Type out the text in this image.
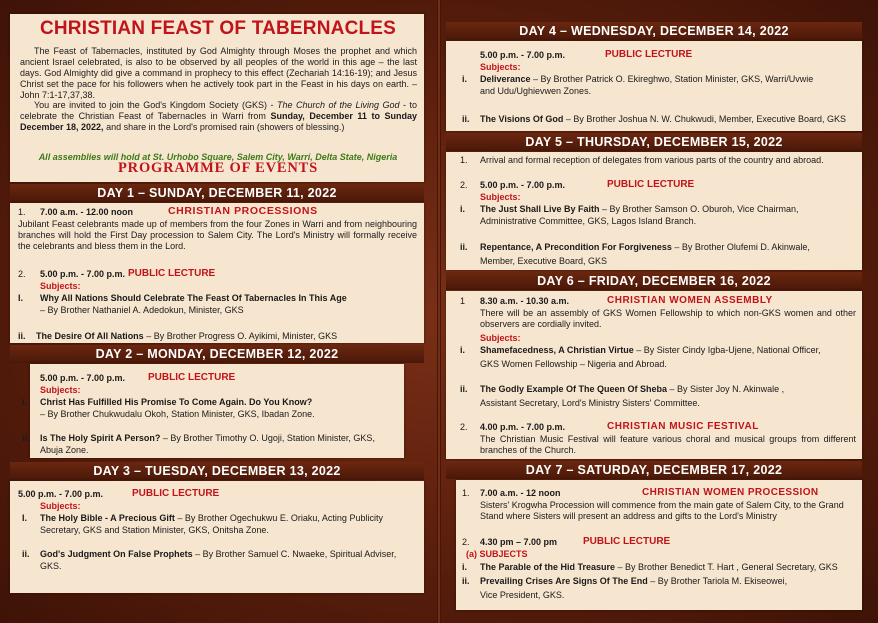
CHRISTIAN FEAST OF TABERNACLES
The Feast of Tabernacles, instituted by God Almighty through Moses the prophet and which ancient Israel celebrated, is also to be observed by all peoples of the world in this age – the last days. God Almighty did give a command in prophecy to this effect (Zechariah 14:16-19); and Jesus Christ set the pace for his followers when he actively took part in the Feast in his days on earth. – John 7:1-17,37,38.
You are invited to join the God's Kingdom Society (GKS) - The Church of the Living God - to celebrate the Christian Feast of Tabernacles in Warri from Sunday, December 11 to Sunday December 18, 2022, and share in the Lord's promised rain (showers of blessing.)
All assemblies will hold at St. Urhobo Square, Salem City, Warri, Delta State, Nigeria
PROGRAMME OF EVENTS
DAY 1 – SUNDAY, DECEMBER 11, 2022
1. 7.00 a.m. - 12.00 noon	CHRISTIAN PROCESSIONS
Jubilant Feast celebrants made up of members from the four Zones in Warri and from neighbouring branches will hold the First Day procession to Salem City. The Lord's Ministry will formally receive the celebrants and bless them in the Lord.
2. 5.00 p.m. - 7.00 p.m. PUBLIC LECTURE
Subjects:
I. Why All Nations Should Celebrate The Feast Of Tabernacles In This Age
– By Brother Nathaniel A. Adedokun, Minister, GKS
ii. The Desire Of All Nations – By Brother Progress O. Ayikimi, Minister, GKS
DAY 2 – MONDAY, DECEMBER 12, 2022
5.00 p.m. - 7.00 p.m. PUBLIC LECTURE
Subjects:
i. Christ Has Fulfilled His Promise To Come Again. Do You Know?
– By Brother Chukwudalu Okoh, Station Minister, GKS, Ibadan Zone.
ii. Is The Holy Spirit A Person? – By Brother Timothy O. Ugoji, Station Minister, GKS,
Abuja Zone.
DAY 3 – TUESDAY, DECEMBER 13, 2022
5.00 p.m. - 7.00 p.m.	PUBLIC LECTURE
Subjects:
I. The Holy Bible - A Precious Gift – By Brother Ogechukwu E. Oriaku, Acting Publicity
Secretary, GKS and Station Minister, GKS, Onitsha Zone.
ii. God's Judgment On False Prophets – By Brother Samuel C. Nwaeke, Spiritual Adviser,
GKS.
DAY 4 – WEDNESDAY, DECEMBER 14, 2022
5.00 p.m. - 7.00 p.m.	PUBLIC LECTURE
Subjects:
i. Deliverance – By Brother Patrick O. Ekireghwo, Station Minister, GKS, Warri/Uvwie
and Udu/Ughievwen Zones.
ii. The Visions Of God – By Brother Joshua N. W. Chukwudi, Member, Executive Board, GKS
DAY 5 – THURSDAY, DECEMBER 15, 2022
1. Arrival and formal reception of delegates from various parts of the country and abroad.
2. 5.00 p.m. - 7.00 p.m.	PUBLIC LECTURE
Subjects:
i. The Just Shall Live By Faith – By Brother Samson O. Oburoh, Vice Chairman,
Administrative Committee, GKS, Lagos Island Branch.
ii. Repentance, A Precondition For Forgiveness – By Brother Olufemi D. Akinwale,
Member, Executive Board, GKS
DAY 6 – FRIDAY, DECEMBER 16, 2022
1 8.30 a.m. - 10.30 a.m.	CHRISTIAN WOMEN ASSEMBLY
There will be an assembly of GKS Women Fellowship to which non-GKS women and other observers are cordially invited.
Subjects:
i. Shamefacedness, A Christian Virtue – By Sister Cindy Igba-Ujene, National Officer,
GKS Women Fellowship – Nigeria and Abroad.
ii. The Godly Example Of The Queen Of Sheba – By Sister Joy N. Akinwale ,
Assistant Secretary, Lord's Ministry Sisters' Committee.
2. 4.00 p.m. - 7.00 p.m.	CHRISTIAN MUSIC FESTIVAL
The Christian Music Festival will feature various choral and musical groups from different branches of the Church.
DAY 7 – SATURDAY, DECEMBER 17, 2022
1. 7.00 a.m. - 12 noon	CHRISTIAN WOMEN PROCESSION
Sisters' Krogwha Procession will commence from the main gate of Salem City, to the Grand Stand where Sisters will present an address and gifts to the Lord's Ministry
2. 4.30 pm – 7.00 pm	PUBLIC LECTURE
(a) SUBJECTS
i. The Parable of the Hid Treasure – By Brother Benedict T. Hart , General Secretary, GKS
ii. Prevailing Crises Are Signs Of The End – By Brother Tariola M. Ekiseowei,
Vice President, GKS.
